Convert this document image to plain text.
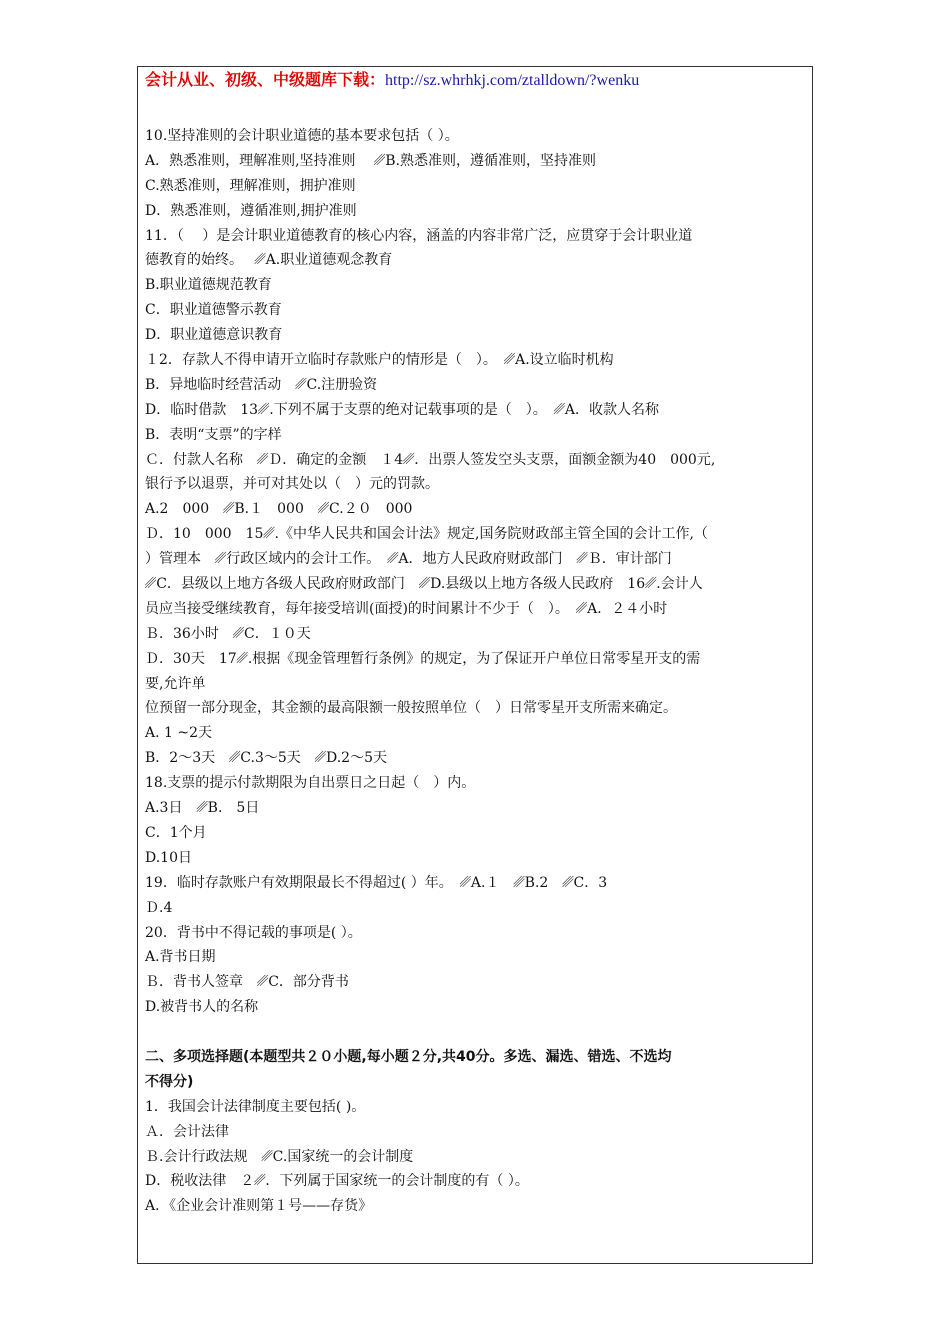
会计从业、初级、中级题库下载：http://sz.whrhkj.com/ztalldown/?wenku
10.坚持准则的会计职业道德的基本要求包括（ ）。
A．熟悉准则，理解准则,坚持准则　 ␥B.熟悉准则，遵循准则，坚持准则
C.熟悉准则，理解准则，拥护准则
D．熟悉准则，遵循准则,拥护准则
11．（　 ）是会计职业道德教育的核心内容，涵盖的内容非常广泛，应贯穿于会计职业道
德教育的始终。　 ␥A.职业道德观念教育
B.职业道德规范教育
C．职业道德警示教育
D．职业道德意识教育
１2．存款人不得申请开立临时存款账户的情形是（　）。　␥A.设立临时机构
B．异地临时经营活动　␥C.注册验资
D．临时借款　13␥.下列不属于支票的绝对记载事项的是（　）。　␥A．收款人名称
B．表明“支票”的字样
Ｃ．付款人名称　␥Ｄ．确定的金额　１4␥．出票人签发空头支票，面额金额为40　000元,
银行予以退票，并可对其处以（　）元的罚款。
A.2　000　␥B.１　000　␥C.２０　000
Ｄ．10　000　15␥.《中华人民共和国会计法》规定,国务院财政部主管全国的会计工作,（
）管理本　␥行政区域内的会计工作。　␥A．地方人民政府财政部门　␥Ｂ．审计部门
␥C．县级以上地方各级人民政府财政部门　␥D.县级以上地方各级人民政府　16␥.会计人
员应当接受继续教育，每年接受培训(面授)的时间累计不少于（　）。　␥A．２４小时
Ｂ．36小时　␥C．１０天
Ｄ．30天　17␥.根据《现金管理暂行条例》的规定，为了保证开户单位日常零星开支的需
要,允许单
位预留一部分现金，其金额的最高限额一般按照单位（　）日常零星开支所需来确定。
A. 1 ~2天
B．2～3天　␥C.3～5天　␥D.2～5天
18.支票的提示付款期限为自出票日之日起（　）内。
A.3日　␥B.　5日
C．1个月
D.10日
19．临时存款账户有效期限最长不得超过( ）年。　␥A.１　␥B.2　␥C．3
Ｄ.4
20．背书中不得记载的事项是( ）。
A.背书日期
Ｂ．背书人签章　␥C．部分背书
D.被背书人的名称
二、多项选择题(本题型共２０小题,每小题２分,共40分。多选、漏选、错选、不选均
不得分)
1．我国会计法律制度主要包括( )。
Ａ．会计法律
Ｂ.会计行政法规　␥C.国家统一的会计制度
D．税收法律　２␥．下列属于国家统一的会计制度的有（ ）。
A．《企业会计准则第１号——存货》
